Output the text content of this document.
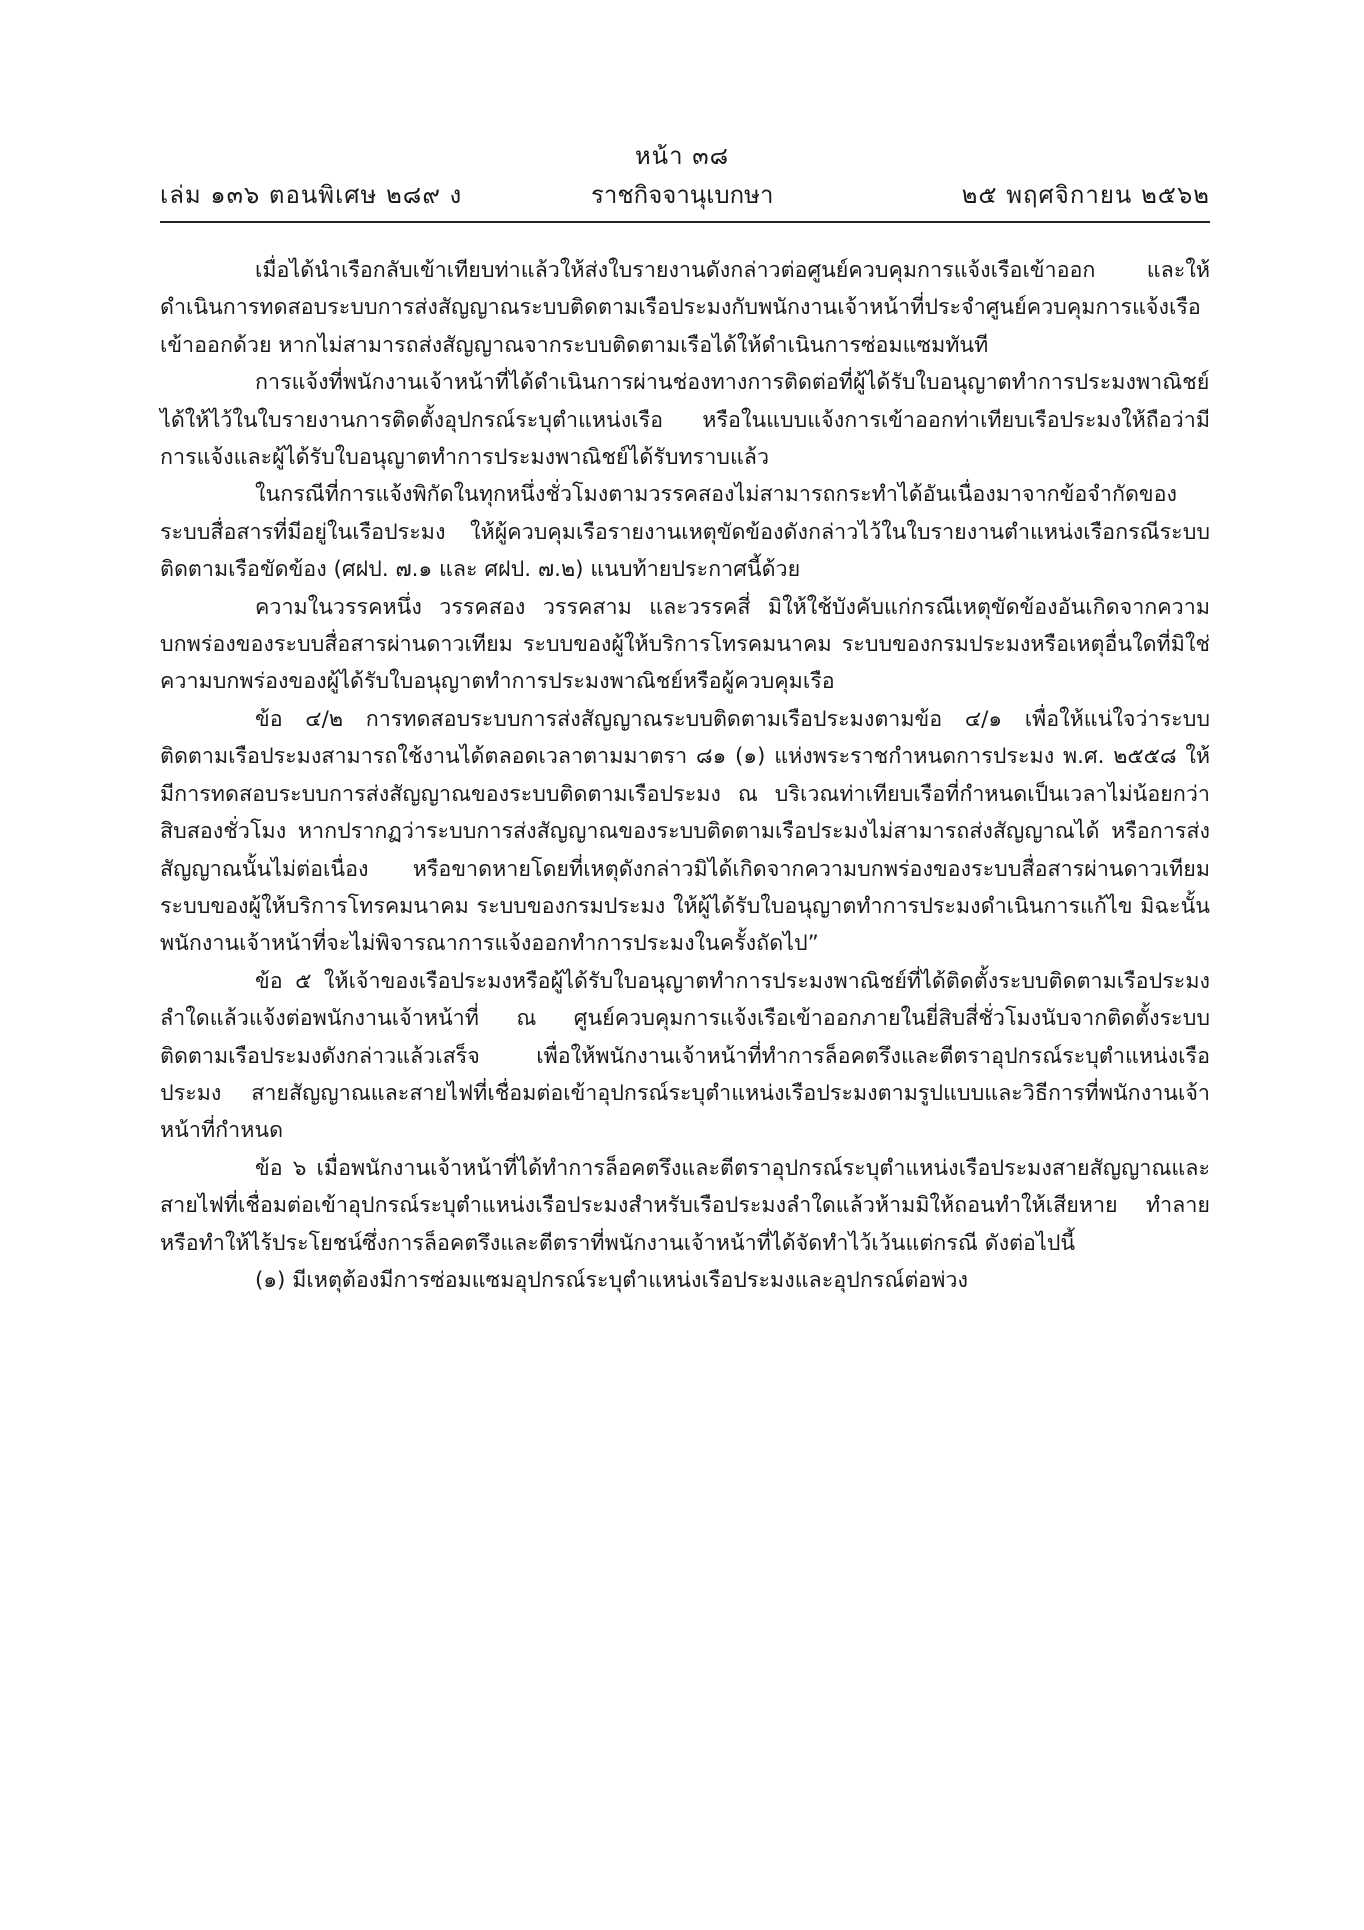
หน้า ๓๘
เล่ม ๑๓๖ ตอนพิเศษ ๒๘๙ ง	ราชกิจจานุเบกษา	๒๕ พฤศจิกายน ๒๕๖๒

เมื่อได้นำเรือกลับเข้าเทียบท่าแล้วให้ส่งใบรายงานดังกล่าวต่อศูนย์ควบคุมการแจ้งเรือเข้าออก และให้ดำเนินการทดสอบระบบการส่งสัญญาณระบบติดตามเรือประมงกับพนักงานเจ้าหน้าที่ประจำศูนย์ควบคุมการแจ้งเรือเข้าออกด้วย หากไม่สามารถส่งสัญญาณจากระบบติดตามเรือได้ให้ดำเนินการซ่อมแซมทันที

การแจ้งที่พนักงานเจ้าหน้าที่ได้ดำเนินการผ่านช่องทางการติดต่อที่ผู้ได้รับใบอนุญาตทำการประมงพาณิชย์ได้ให้ไว้ในใบรายงานการติดตั้งอุปกรณ์ระบุตำแหน่งเรือ หรือในแบบแจ้งการเข้าออกท่าเทียบเรือประมงให้ถือว่ามีการแจ้งและผู้ได้รับใบอนุญาตทำการประมงพาณิชย์ได้รับทราบแล้ว

ในกรณีที่การแจ้งพิกัดในทุกหนึ่งชั่วโมงตามวรรคสองไม่สามารถกระทำได้อันเนื่องมาจากข้อจำกัดของระบบสื่อสารที่มีอยู่ในเรือประมง ให้ผู้ควบคุมเรือรายงานเหตุขัดข้องดังกล่าวไว้ในใบรายงานตำแหน่งเรือกรณีระบบติดตามเรือขัดข้อง (ศฝป. ๗.๑ และ ศฝป. ๗.๒) แนบท้ายประกาศนี้ด้วย

ความในวรรคหนึ่ง วรรคสอง วรรคสาม และวรรคสี่ มิให้ใช้บังคับแก่กรณีเหตุขัดข้องอันเกิดจากความบกพร่องของระบบสื่อสารผ่านดาวเทียม ระบบของผู้ให้บริการโทรคมนาคม ระบบของกรมประมงหรือเหตุอื่นใดที่มิใช่ความบกพร่องของผู้ได้รับใบอนุญาตทำการประมงพาณิชย์หรือผู้ควบคุมเรือ

ข้อ ๔/๒ การทดสอบระบบการส่งสัญญาณระบบติดตามเรือประมงตามข้อ ๔/๑ เพื่อให้แน่ใจว่าระบบติดตามเรือประมงสามารถใช้งานได้ตลอดเวลาตามมาตรา ๘๑ (๑) แห่งพระราชกำหนดการประมง พ.ศ. ๒๕๕๘ ให้มีการทดสอบระบบการส่งสัญญาณของระบบติดตามเรือประมง ณ บริเวณท่าเทียบเรือที่กำหนดเป็นเวลาไม่น้อยกว่าสิบสองชั่วโมง หากปรากฏว่าระบบการส่งสัญญาณของระบบติดตามเรือประมงไม่สามารถส่งสัญญาณได้ หรือการส่งสัญญาณนั้นไม่ต่อเนื่อง หรือขาดหายโดยที่เหตุดังกล่าวมิได้เกิดจากความบกพร่องของระบบสื่อสารผ่านดาวเทียม ระบบของผู้ให้บริการโทรคมนาคม ระบบของกรมประมง ให้ผู้ได้รับใบอนุญาตทำการประมงดำเนินการแก้ไข มิฉะนั้นพนักงานเจ้าหน้าที่จะไม่พิจารณาการแจ้งออกทำการประมงในครั้งถัดไป”

ข้อ ๕ ให้เจ้าของเรือประมงหรือผู้ได้รับใบอนุญาตทำการประมงพาณิชย์ที่ได้ติดตั้งระบบติดตามเรือประมงลำใดแล้วแจ้งต่อพนักงานเจ้าหน้าที่ ณ ศูนย์ควบคุมการแจ้งเรือเข้าออกภายในยี่สิบสี่ชั่วโมงนับจากติดตั้งระบบติดตามเรือประมงดังกล่าวแล้วเสร็จ เพื่อให้พนักงานเจ้าหน้าที่ทำการล็อคตรึงและตีตราอุปกรณ์ระบุตำแหน่งเรือประมง สายสัญญาณและสายไฟที่เชื่อมต่อเข้าอุปกรณ์ระบุตำแหน่งเรือประมงตามรูปแบบและวิธีการที่พนักงานเจ้าหน้าที่กำหนด

ข้อ ๖ เมื่อพนักงานเจ้าหน้าที่ได้ทำการล็อคตรึงและตีตราอุปกรณ์ระบุตำแหน่งเรือประมงสายสัญญาณและสายไฟที่เชื่อมต่อเข้าอุปกรณ์ระบุตำแหน่งเรือประมงสำหรับเรือประมงลำใดแล้วห้ามมิให้ถอนทำให้เสียหาย ทำลาย หรือทำให้ไร้ประโยชน์ซึ่งการล็อคตรึงและตีตราที่พนักงานเจ้าหน้าที่ได้จัดทำไว้เว้นแต่กรณี ดังต่อไปนี้

(๑) มีเหตุต้องมีการซ่อมแซมอุปกรณ์ระบุตำแหน่งเรือประมงและอุปกรณ์ต่อพ่วง
